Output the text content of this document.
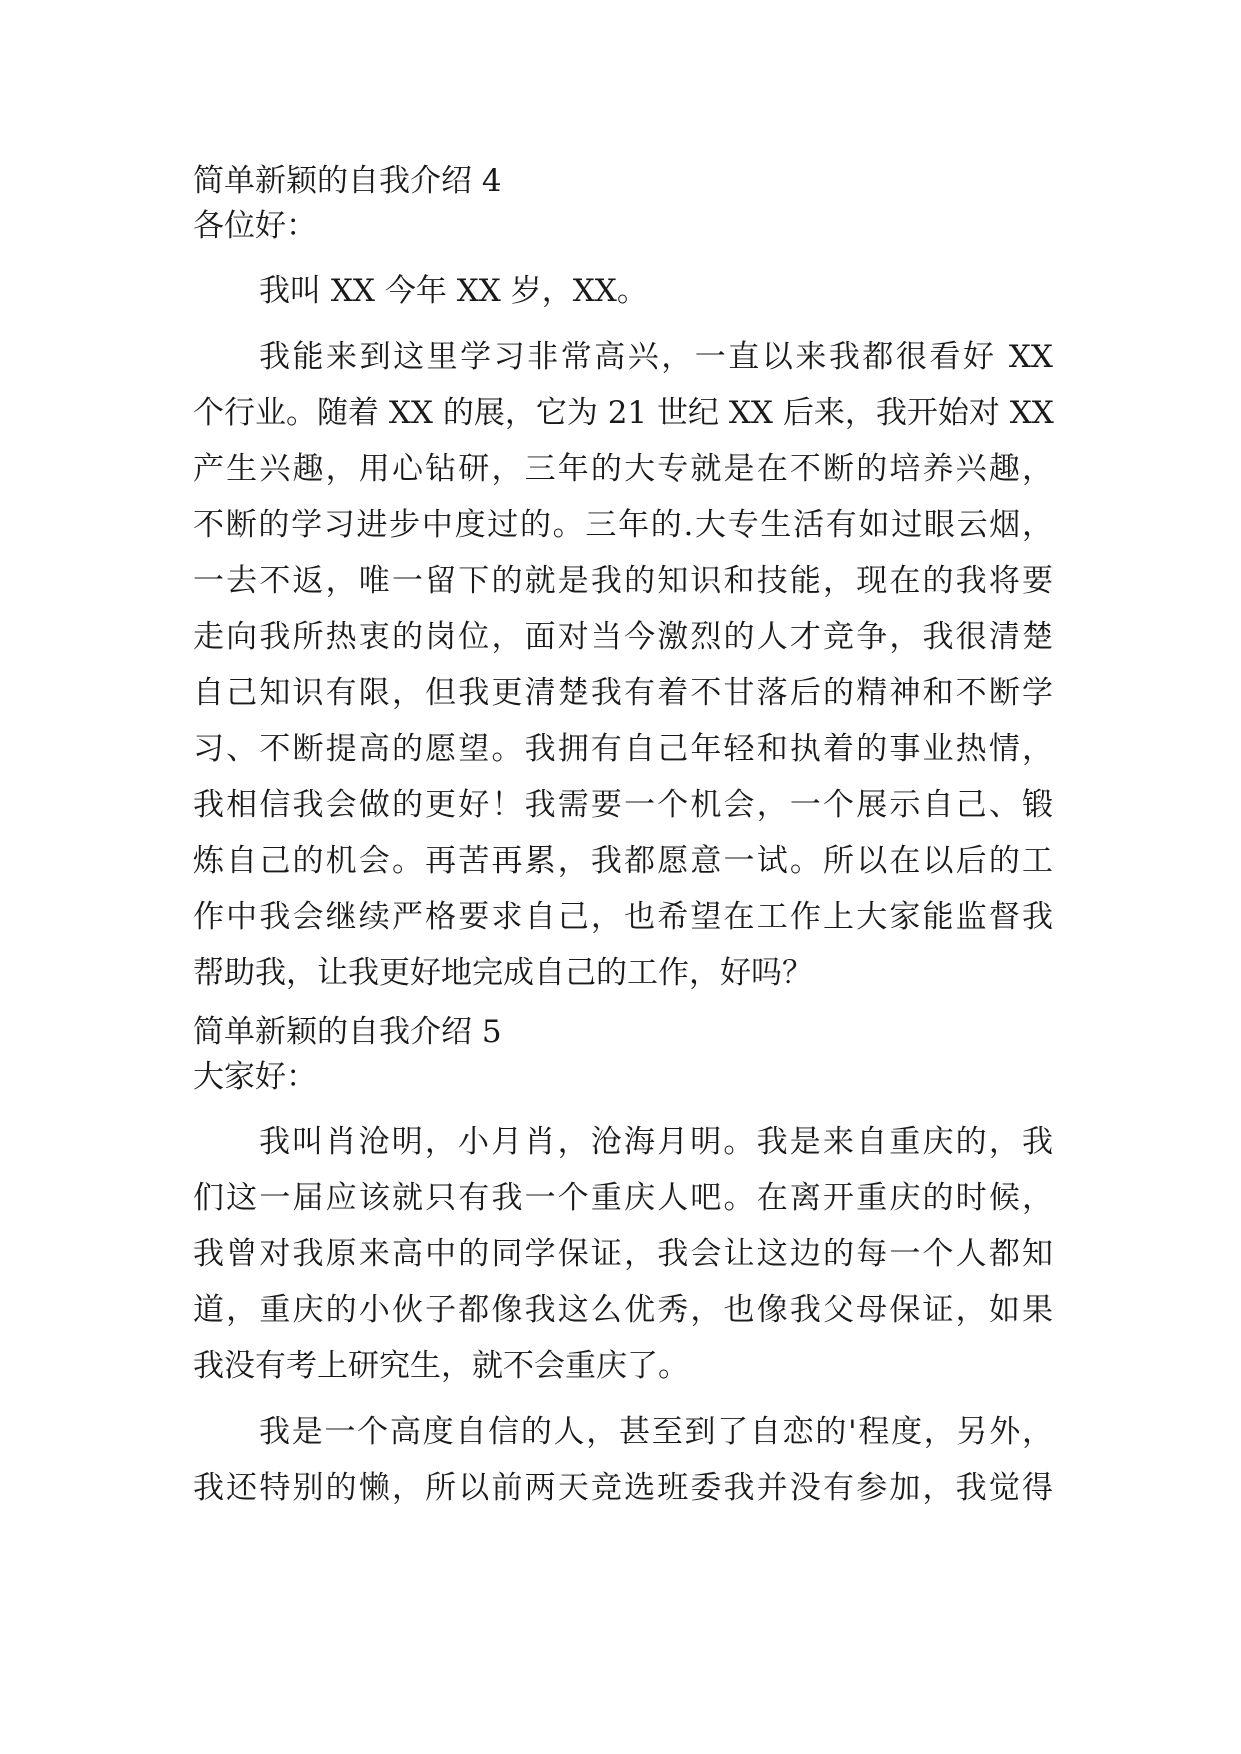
简单新颖的自我介绍 4
各位好：
我叫 XX 今年 XX 岁，XX。
我能来到这里学习非常高兴，一直以来我都很看好 XX
个行业。随着 XX 的展，它为 21 世纪 XX 后来，我开始对 XX
产生兴趣，用心钻研，三年的大专就是在不断的培养兴趣，
不断的学习进步中度过的。三年的.大专生活有如过眼云烟，
一去不返，唯一留下的就是我的知识和技能，现在的我将要
走向我所热衷的岗位，面对当今激烈的人才竞争，我很清楚
自己知识有限，但我更清楚我有着不甘落后的精神和不断学
习、不断提高的愿望。我拥有自己年轻和执着的事业热情，
我相信我会做的更好！我需要一个机会，一个展示自己、锻
炼自己的机会。再苦再累，我都愿意一试。所以在以后的工
作中我会继续严格要求自己，也希望在工作上大家能监督我
帮助我，让我更好地完成自己的工作，好吗？
简单新颖的自我介绍 5
大家好：
我叫肖沧明，小月肖，沧海月明。我是来自重庆的，我
们这一届应该就只有我一个重庆人吧。在离开重庆的时候，
我曾对我原来高中的同学保证，我会让这边的每一个人都知
道，重庆的小伙子都像我这么优秀，也像我父母保证，如果
我没有考上研究生，就不会重庆了。
我是一个高度自信的人，甚至到了自恋的'程度，另外，
我还特别的懒，所以前两天竞选班委我并没有参加，我觉得
